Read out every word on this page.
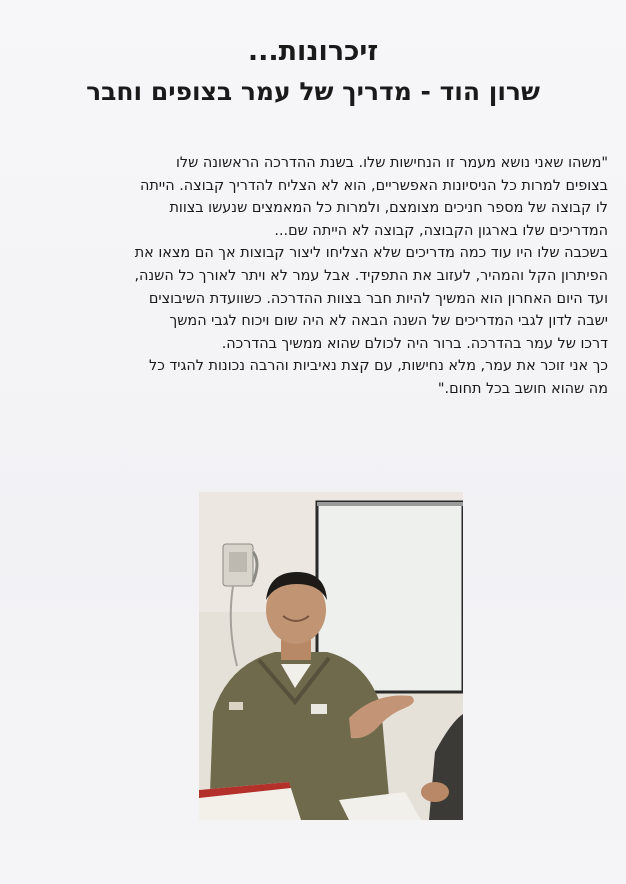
זיכרונות...
שרון הוד - מדריך של עמר בצופים וחבר
"משהו שאני נושא מעמר זו הנחישות שלו. בשנת ההדרכה הראשונה שלו
בצופים למרות כל הניסיונות האפשריים, הוא לא הצליח להדריך קבוצה. הייתה
לו קבוצה של מספר חניכים מצומצם, ולמרות כל המאמצים שנעשו בצוות
המדריכים שלו בארגון הקבוצה, קבוצה לא הייתה שם...
בשכבה שלו היו עוד כמה מדריכים שלא הצליחו ליצור קבוצות אך הם מצאו את
הפיתרון הקל והמהיר, לעזוב את התפקיד. אבל עמר לא ויתר לאורך כל השנה,
ועד היום האחרון הוא המשיך להיות חבר בצוות ההדרכה. כשוועדת השיבוצים
ישבה לדון לגבי המדריכים של השנה הבאה לא היה שום ויכוח לגבי המשך
דרכו של עמר בהדרכה. ברור היה לכולם שהוא ממשיך בהדרכה.
כך אני זוכר את עמר, מלא נחישות, עם קצת נאיביות והרבה נכונות להגיד כל
מה שהוא חושב בכל תחום."
